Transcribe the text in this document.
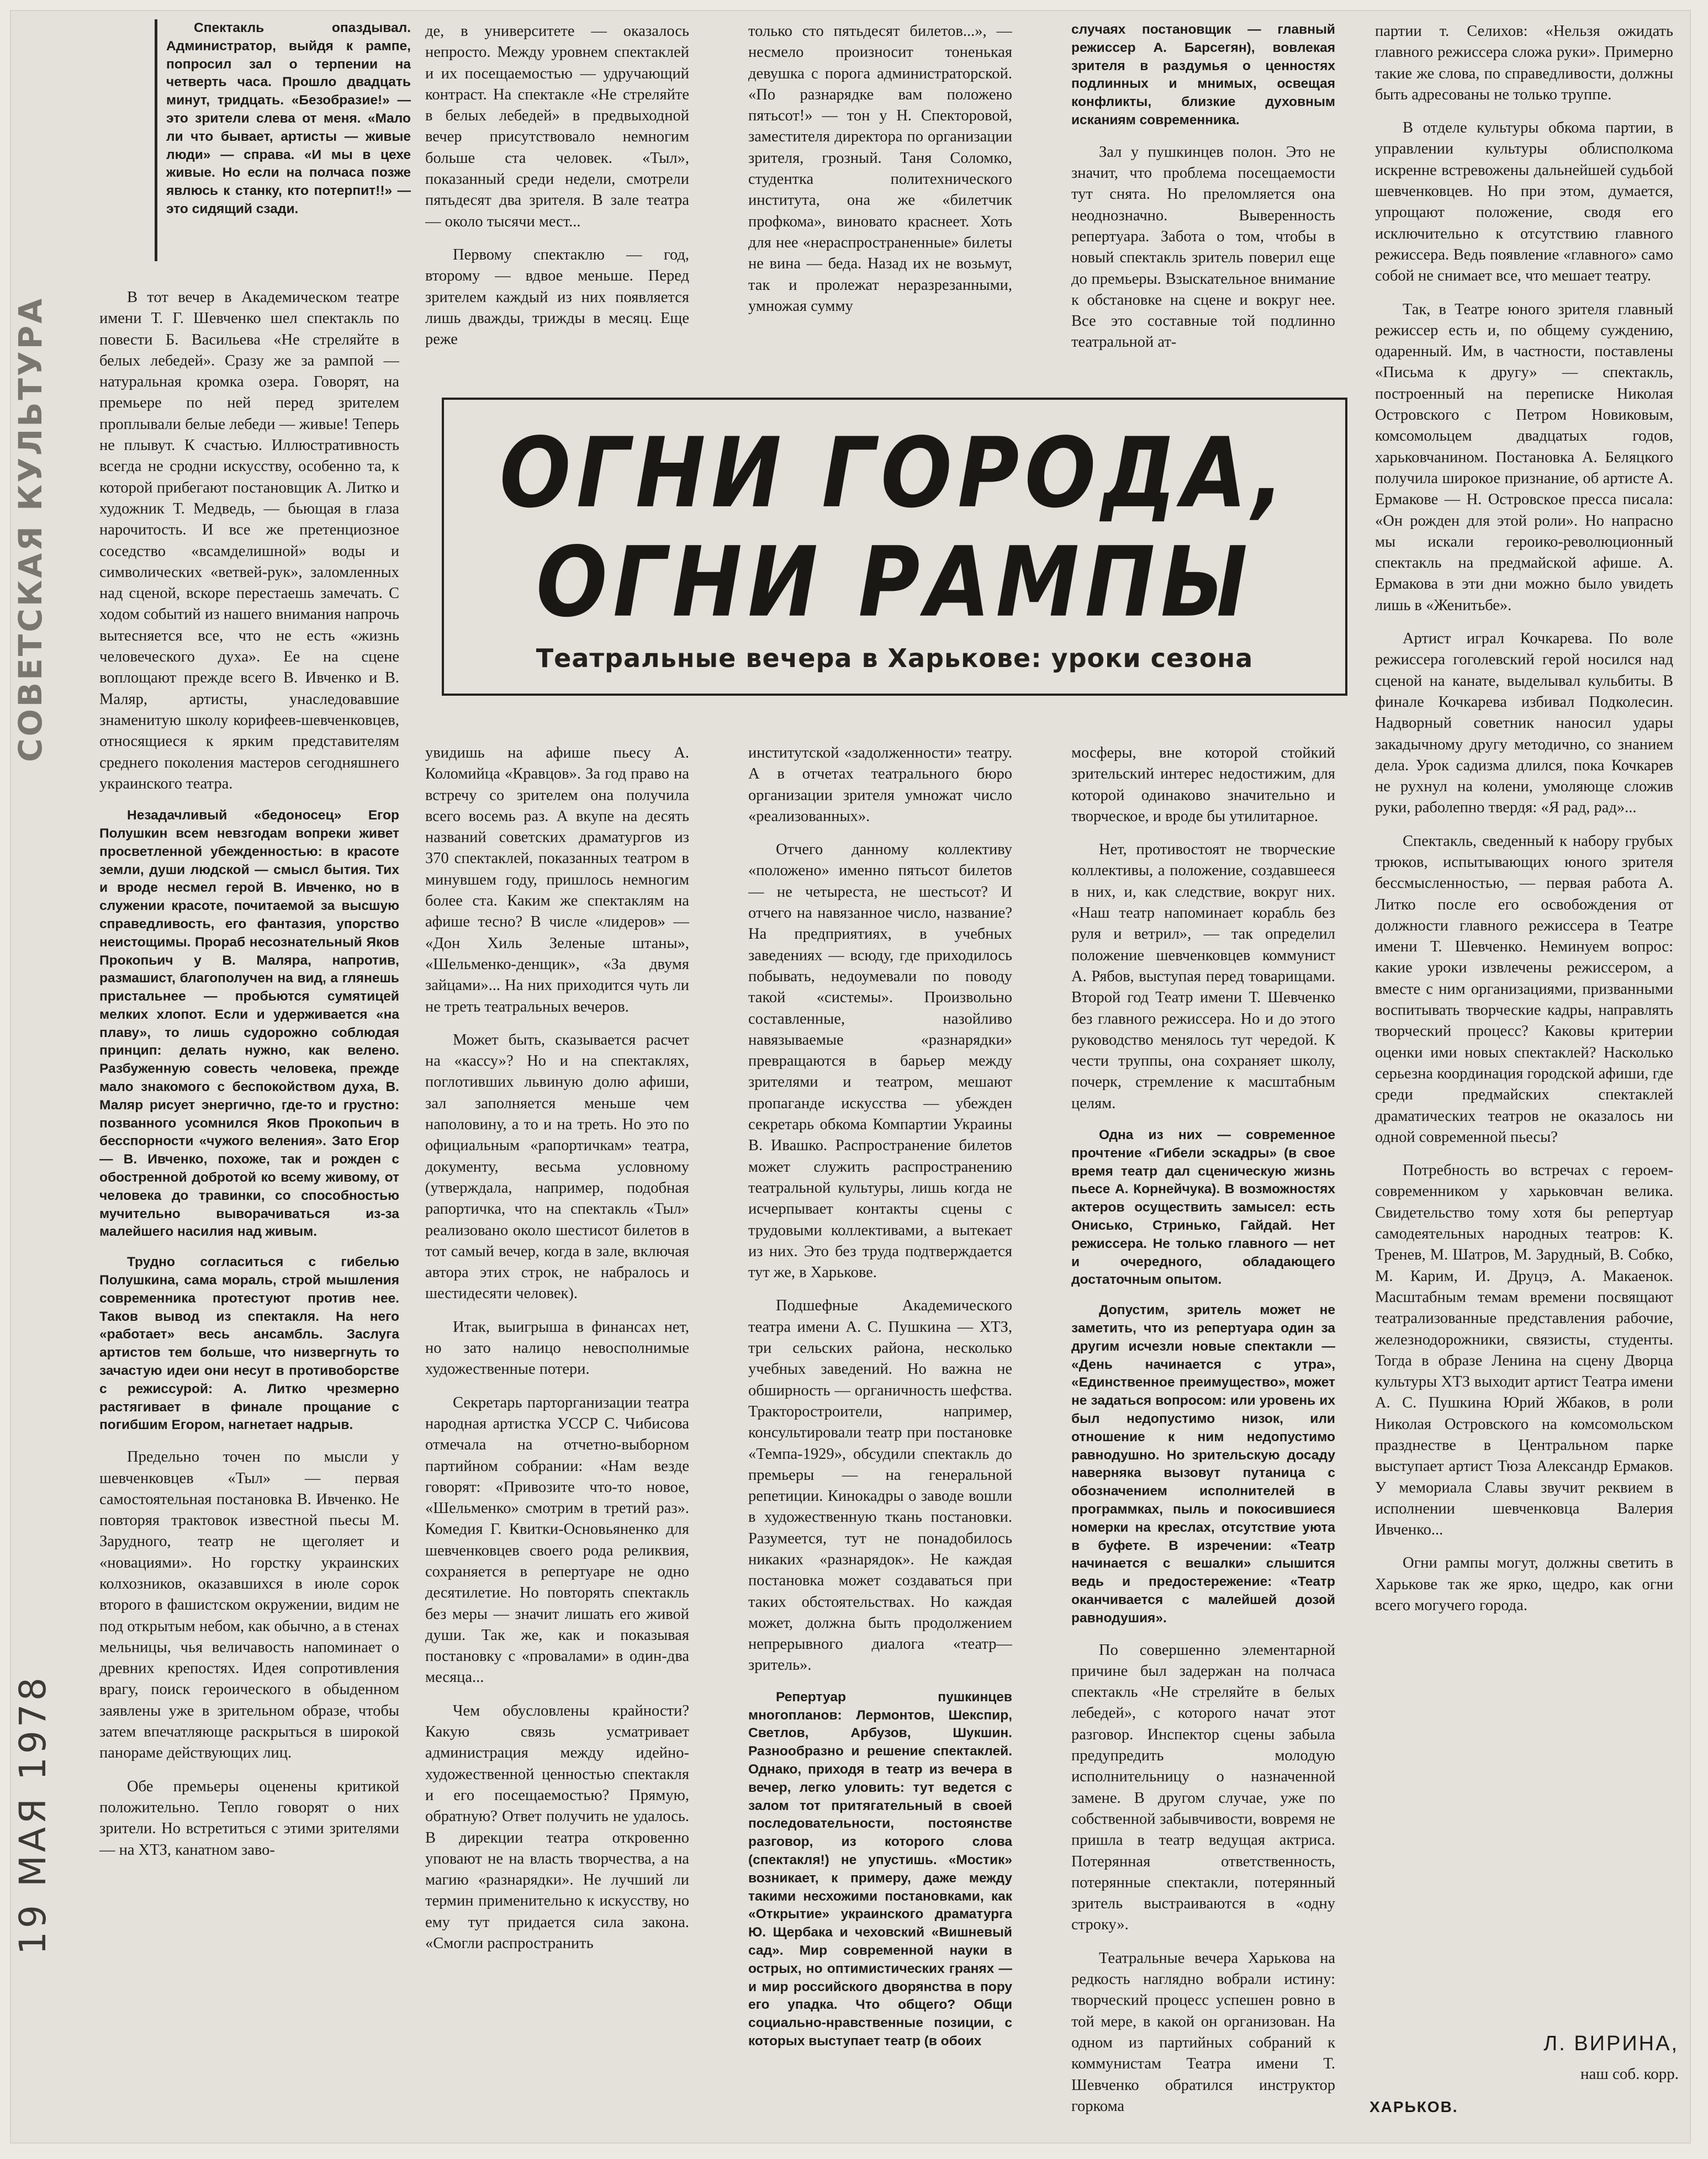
СОВЕТСКАЯ КУЛЬТУРА
19 МАЯ 1978

Спектакль опаздывал. Администратор, выйдя к рампе, попросил зал о терпении на четверть часа. Прошло двадцать минут, тридцать. «Безобразие!» — это зрители слева от меня. «Мало ли что бывает, артисты — живые люди» — справа. «И мы в цехе живые. Но если на полчаса позже явлюсь к станку, кто потерпит!!» — это сидящий сзади.

В тот вечер в Академическом театре имени Т. Г. Шевченко шел спектакль по повести Б. Васильева «Не стреляйте в белых лебедей». Сразу же за рампой — натуральная кромка озера. Говорят, на премьере по ней перед зрителем проплывали белые лебеди — живые! Теперь не плывут. К счастью. Иллюстративность всегда не сродни искусству, особенно та, к которой прибегают постановщик А. Литко и художник Т. Медведь, — бьющая в глаза нарочитость. И все же претенциозное соседство «всамделишной» воды и символических «ветвей-рук», заломленных над сценой, вскоре перестаешь замечать. С ходом событий из нашего внимания напрочь вытесняется все, что не есть «жизнь человеческого духа». Ее на сцене воплощают прежде всего В. Ивченко и В. Маляр, артисты, унаследовавшие знаменитую школу корифеев-шевченковцев, относящиеся к ярким представителям среднего поколения мастеров сегодняшнего украинского театра.

Незадачливый «бедоносец» Егор Полушкин всем невзгодам вопреки живет просветленной убежденностью: в красоте земли, души людской — смысл бытия. Тих и вроде несмел герой В. Ивченко, но в служении красоте, почитаемой за высшую справедливость, его фантазия, упорство неистощимы. Прораб несознательный Яков Прокопьич у В. Маляра, напротив, размашист, благополучен на вид, а глянешь пристальнее — пробьются сумятицей мелких хлопот. Если и удерживается «на плаву», то лишь судорожно соблюдая принцип: делать нужно, как велено. Разбуженную совесть человека, прежде мало знакомого с беспокойством духа, В. Маляр рисует энергично, где-то и грустно: позванного усомнился Яков Прокопьич в бесспорности «чужого веления». Зато Егор — В. Ивченко, похоже, так и рожден с обостренной добротой ко всему живому, от человека до травинки, со способностью мучительно выворачиваться из-за малейшего насилия над живым.

Трудно согласиться с гибелью Полушкина, сама мораль, строй мышления современника протестуют против нее. Таков вывод из спектакля. На него «работает» весь ансамбль. Заслуга артистов тем больше, что низвергнуть то зачастую идеи они несут в противоборстве с режиссурой: А. Литко чрезмерно растягивает в финале прощание с погибшим Егором, нагнетает надрыв.

Предельно точен по мысли у шевченковцев «Тыл» — первая самостоятельная постановка В. Ивченко. Не повторяя трактовок известной пьесы М. Зарудного, театр не щеголяет и «новациями». Но горстку украинских колхозников, оказавшихся в июле сорок второго в фашистском окружении, видим не под открытым небом, как обычно, а в стенах мельницы, чья величавость напоминает о древних крепостях. Идея сопротивления врагу, поиск героического в обыденном заявлены уже в зрительном образе, чтобы затем впечатляюще раскрыться в широкой панораме действующих лиц.

Обе премьеры оценены критикой положительно. Тепло говорят о них зрители. Но встретиться с этими зрителями — на ХТЗ, канатном заво-

де, в университете — оказалось непросто. Между уровнем спектаклей и их посещаемостью — удручающий контраст. На спектакле «Не стреляйте в белых лебедей» в предвыходной вечер присутствовало немногим больше ста человек. «Тыл», показанный среди недели, смотрели пятьдесят два зрителя. В зале театра — около тысячи мест...

Первому спектаклю — год, второму — вдвое меньше. Перед зрителем каждый из них появляется лишь дважды, трижды в месяц. Еще реже

увидишь на афише пьесу А. Коломийца «Кравцов». За год право на встречу со зрителем она получила всего восемь раз. А вкупе на десять названий советских драматургов из 370 спектаклей, показанных театром в минувшем году, пришлось немногим более ста. Каким же спектаклям на афише тесно? В числе «лидеров» — «Дон Хиль Зеленые штаны», «Шельменко-денщик», «За двумя зайцами»... На них приходится чуть ли не треть театральных вечеров.

Может быть, сказывается расчет на «кассу»? Но и на спектаклях, поглотивших львиную долю афиши, зал заполняется меньше чем наполовину, а то и на треть. Но это по официальным «рапортичкам» театра, документу, весьма условному (утверждала, например, подобная рапортичка, что на спектакль «Тыл» реализовано около шестисот билетов в тот самый вечер, когда в зале, включая автора этих строк, не набралось и шестидесяти человек).

Итак, выигрыша в финансах нет, но зато налицо невосполнимые художественные потери.

Секретарь парторганизации театра народная артистка УССР С. Чибисова отмечала на отчетно-выборном партийном собрании: «Нам везде говорят: «Привозите что-то новое, «Шельменко» смотрим в третий раз». Комедия Г. Квитки-Основьяненко для шевченковцев своего рода реликвия, сохраняется в репертуаре не одно десятилетие. Но повторять спектакль без меры — значит лишать его живой души. Так же, как и показывая постановку с «провалами» в один-два месяца...

Чем обусловлены крайности? Какую связь усматривает администрация между идейно-художественной ценностью спектакля и его посещаемостью? Прямую, обратную? Ответ получить не удалось. В дирекции театра откровенно уповают не на власть творчества, а на магию «разнарядки». Не лучший ли термин применительно к искусству, но ему тут придается сила закона. «Смогли распространить

только сто пятьдесят билетов...», — несмело произносит тоненькая девушка с порога администраторской. «По разнарядке вам положено пятьсот!» — тон у Н. Спекторовой, заместителя директора по организации зрителя, грозный. Таня Соломко, студентка политехнического института, она же «билетчик профкома», виновато краснеет. Хоть для нее «нераспространенные» билеты не вина — беда. Назад их не возьмут, так и пролежат неразрезанными, умножая сумму

институтской «задолженности» театру. А в отчетах театрального бюро организации зрителя умножат число «реализованных».

Отчего данному коллективу «положено» именно пятьсот билетов — не четыреста, не шестьсот? И отчего на навязанное число, название? На предприятиях, в учебных заведениях — всюду, где приходилось побывать, недоумевали по поводу такой «системы». Произвольно составленные, назойливо навязываемые «разнарядки» превращаются в барьер между зрителями и театром, мешают пропаганде искусства — убежден секретарь обкома Компартии Украины В. Ивашко. Распространение билетов может служить распространению театральной культуры, лишь когда не исчерпывает контакты сцены с трудовыми коллективами, а вытекает из них. Это без труда подтверждается тут же, в Харькове.

Подшефные Академического театра имени А. С. Пушкина — ХТЗ, три сельских района, несколько учебных заведений. Но важна не обширность — органичность шефства. Тракторостроители, например, консультировали театр при постановке «Темпа-1929», обсудили спектакль до премьеры — на генеральной репетиции. Кинокадры о заводе вошли в художественную ткань постановки. Разумеется, тут не понадобилось никаких «разнарядок». Не каждая постановка может создаваться при таких обстоятельствах. Но каждая может, должна быть продолжением непрерывного диалога «театр—зритель».

Репертуар пушкинцев многопланов: Лермонтов, Шекспир, Светлов, Арбузов, Шукшин. Разнообразно и решение спектаклей. Однако, приходя в театр из вечера в вечер, легко уловить: тут ведется с залом тот притягательный в своей последовательности, постоянстве разговор, из которого слова (спектакля!) не упустишь. «Мостик» возникает, к примеру, даже между такими несхожими постановками, как «Открытие» украинского драматурга Ю. Щербака и чеховский «Вишневый сад». Мир современной науки в острых, но оптимистических гранях — и мир российского дворянства в пору его упадка. Что общего? Общи социально-нравственные позиции, с которых выступает театр (в обоих

случаях постановщик — главный режиссер А. Барсегян), вовлекая зрителя в раздумья о ценностях подлинных и мнимых, освещая конфликты, близкие духовным исканиям современника.

Зал у пушкинцев полон. Это не значит, что проблема посещаемости тут снята. Но преломляется она неоднозначно. Выверенность репертуара. Забота о том, чтобы в новый спектакль зритель поверил еще до премьеры. Взыскательное внимание к обстановке на сцене и вокруг нее. Все это составные той подлинно театральной ат-

мосферы, вне которой стойкий зрительский интерес недостижим, для которой одинаково значительно и творческое, и вроде бы утилитарное.

Нет, противостоят не творческие коллективы, а положение, создавшееся в них, и, как следствие, вокруг них. «Наш театр напоминает корабль без руля и ветрил», — так определил положение шевченковцев коммунист А. Рябов, выступая перед товарищами. Второй год Театр имени Т. Шевченко без главного режиссера. Но и до этого руководство менялось тут чередой. К чести труппы, она сохраняет школу, почерк, стремление к масштабным целям.

Одна из них — современное прочтение «Гибели эскадры» (в свое время театр дал сценическую жизнь пьесе А. Корнейчука). В возможностях актеров осуществить замысел: есть Онисько, Стринько, Гайдай. Нет режиссера. Не только главного — нет и очередного, обладающего достаточным опытом.

Допустим, зритель может не заметить, что из репертуара один за другим исчезли новые спектакли — «День начинается с утра», «Единственное преимущество», может не задаться вопросом: или уровень их был недопустимо низок, или отношение к ним недопустимо равнодушно. Но зрительскую досаду наверняка вызовут путаница с обозначением исполнителей в программках, пыль и покосившиеся номерки на креслах, отсутствие уюта в буфете. В изречении: «Театр начинается с вешалки» слышится ведь и предостережение: «Театр оканчивается с малейшей дозой равнодушия».

По совершенно элементарной причине был задержан на полчаса спектакль «Не стреляйте в белых лебедей», с которого начат этот разговор. Инспектор сцены забыла предупредить молодую исполнительницу о назначенной замене. В другом случае, уже по собственной забывчивости, вовремя не пришла в театр ведущая актриса. Потерянная ответственность, потерянные спектакли, потерянный зритель выстраиваются в «одну строку».

Театральные вечера Харькова на редкость наглядно вобрали истину: творческий процесс успешен ровно в той мере, в какой он организован. На одном из партийных собраний к коммунистам Театра имени Т. Шевченко обратился инструктор горкома

партии т. Селихов: «Нельзя ожидать главного режиссера сложа руки». Примерно такие же слова, по справедливости, должны быть адресованы не только труппе.

В отделе культуры обкома партии, в управлении культуры облисполкома искренне встревожены дальнейшей судьбой шевченковцев. Но при этом, думается, упрощают положение, сводя его исключительно к отсутствию главного режиссера. Ведь появление «главного» само собой не снимает все, что мешает театру.

Так, в Театре юного зрителя главный режиссер есть и, по общему суждению, одаренный. Им, в частности, поставлены «Письма к другу» — спектакль, построенный на переписке Николая Островского с Петром Новиковым, комсомольцем двадцатых годов, харьковчанином. Постановка А. Беляцкого получила широкое признание, об артисте А. Ермакове — Н. Островское пресса писала: «Он рожден для этой роли». Но напрасно мы искали героико-революционный спектакль на предмайской афише. А. Ермакова в эти дни можно было увидеть лишь в «Женитьбе».

Артист играл Кочкарева. По воле режиссера гоголевский герой носился над сценой на канате, выделывал кульбиты. В финале Кочкарева избивал Подколесин. Надворный советник наносил удары закадычному другу методично, со знанием дела. Урок садизма длился, пока Кочкарев не рухнул на колени, умоляюще сложив руки, раболепно твердя: «Я рад, рад»...

Спектакль, сведенный к набору грубых трюков, испытывающих юного зрителя бессмысленностью, — первая работа А. Литко после его освобождения от должности главного режиссера в Театре имени Т. Шевченко. Неминуем вопрос: какие уроки извлечены режиссером, а вместе с ним организациями, призванными воспитывать творческие кадры, направлять творческий процесс? Каковы критерии оценки ими новых спектаклей? Насколько серьезна координация городской афиши, где среди предмайских спектаклей драматических театров не оказалось ни одной современной пьесы?

Потребность во встречах с героем-современником у харьковчан велика. Свидетельство тому хотя бы репертуар самодеятельных народных театров: К. Тренев, М. Шатров, М. Зарудный, В. Собко, М. Карим, И. Друцэ, А. Макаенок. Масштабным темам времени посвящают театрализованные представления рабочие, железнодорожники, связисты, студенты. Тогда в образе Ленина на сцену Дворца культуры ХТЗ выходит артист Театра имени А. С. Пушкина Юрий Жбаков, в роли Николая Островского на комсомольском празднестве в Центральном парке выступает артист Тюза Александр Ермаков. У мемориала Славы звучит реквием в исполнении шевченковца Валерия Ивченко...

Огни рампы могут, должны светить в Харькове так же ярко, щедро, как огни всего могучего города.

ОГНИ ГОРОДА,
ОГНИ РАМПЫ
Театральные вечера в Харькове: уроки сезона
Л. ВИРИНА,
наш соб. корр.
ХАРЬКОВ.
